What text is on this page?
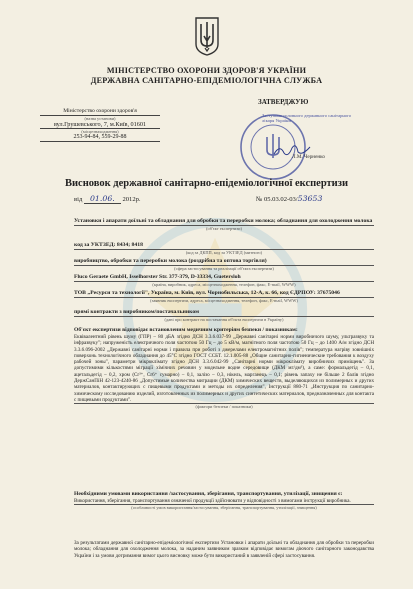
МІНІСТЕРСТВО ОХОРОНИ ЗДОРОВ'Я УКРАЇНИ
ДЕРЖАВНА САНІТАРНО-ЕПІДЕМІОЛОГІЧНА СЛУЖБА
Міністерство охорони здоров'я
(назва установи)
вул.Грушевського, 7, м.Київ, 01601
(місцезнаходження)
253-94-84, 559-29-88
ЗАТВЕРДЖУЮ
Заступник головного державного санітарного лікаря України
Л.М. Черненко
Висновок державної санітарно-епідеміологічної експертизи
від 01.06. 2012р.	№ 05.03.02-03/53653
Установки і апарати доїльні та обладнання для обробки та переробки молока; обладнання для охолодження молока
(об'єкт експертизи)
код за УКТЗЕД: 8434; 8418
(код за ДКПП, код за УКТЗЕД (митного)
виробництво, обробки та переробки молока (роздрібна та оптова торгівля)
(сфера застосування та реалізації об'єкта експертизи)
Fluco Geraete GmbH, Isselhorster Str. 377-379, D-33334, Guetersloh
(країна, виробник, адреса, місцезнаходження, телефон, факс, E-mail, WWW)
ТОВ „Ресурси та технології", Україна, м. Київ, вул. Чорнобильська, 12-А, к. 66, код ЄДРПОУ: 37675046
(заявник експертизи, адреса, місцезнаходження, телефон, факс, E-mail, WWW)
прямі контракти з виробником/постачальником
(дані про контракт на постачання об'єкта експертизи в Україну)
Об'єкт експертизи відповідає встановленим медичним критеріям безпеки / показникам:
Еквівалентний рівень шуму (ГПР) – 80 дБА згідно ДСН 3.3.6.037-99 „Державні санітарні норми виробничого шуму, ультразвуку та інфразвуку"; напруженість електричного поля частотою 50 Гц – до 5 кВ/м, магнітного поля частотою 50 Гц – до 1400 А/м згідно ДСН 3.3.6.096-2002 „Державні санітарні норми і правила при роботі з джерелами електромагнітних полів"; температура нагріву зовнішніх поверхонь технологічного обладнання до 45°С згідно ГОСТ ССБТ. 12.1.005-88 „Общие санитарно-гигиенические требования к воздуху рабочей зоны", параметри мікроклімату згідно ДСН 3.3.6.042-99 „Санітарні норми мікроклімату виробничих приміщень". За допустимими кількостями міграції хімічних речовин у модельне водне середовище (ДКМ мг/дм³), а саме: формальдегід – 0,1, ацетальдегід – 0,2, хром (Cr³⁺, Cr6⁺ сумарно) – 0,1, залізо – 0,3, нікель, марганець – 0,1; рівень запаху не більше 2 балів згідно ДержСанПіН 42-123-4240-86 „Допустимые количества миграции (ДКМ) химических веществ, выделяющихся из полимерных и других материалов, контактирующих с пищевыми продуктами и методы их определения", Інструкції 880-71 „Инструкция по санитарно-химическому исследованию изделий, изготовленных из полимерных и других синтетических материалов, предназначенных для контакта с пищевыми продуктами".
(фактори безпеки / показники)
Необхідними умовами використання /застосування, зберігання, транспортування, утилізації, знищення є:
Використання, зберігання, транспортування означеної продукції здійснювати у відповідності з вимогами інструкції виробника.
(особливості умов використання/застосування, зберігання, транспортування, утилізації, знищення)
За результатами державної санітарно-епідеміологічної експертизи Установки і апарати доїльні та обладнання для обробки та переробки молока; обладнання для охолодження молока, за наданим заявником зразком відповідає вимогам діючого санітарного законодавства України і за умови дотримання вимог цього висновку може бути використаний в заявленій сфері застосування.
